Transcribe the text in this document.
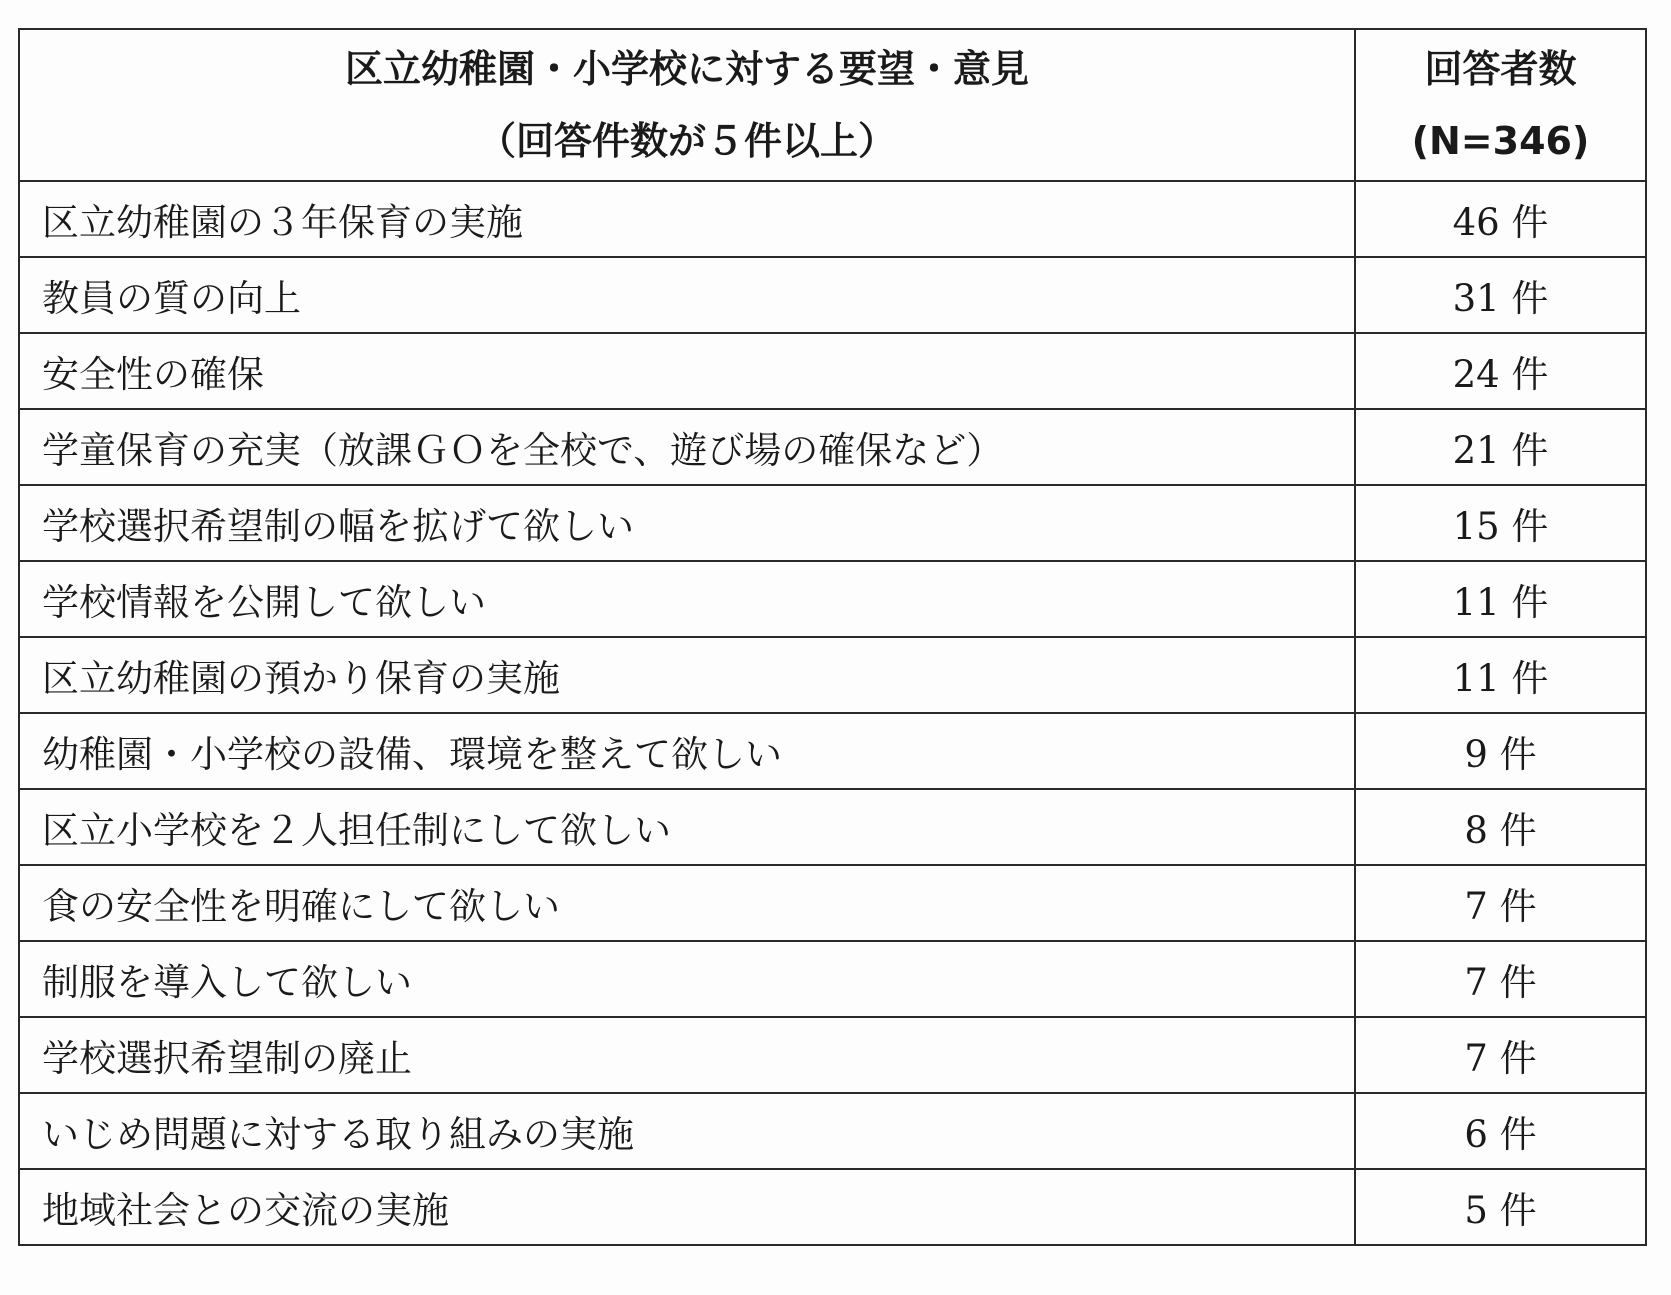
区立幼稚園・小学校に対する要望・意見
（回答件数が５件以上）	回答者数
(N=346)

区立幼稚園の３年保育の実施	46 件
教員の質の向上	31 件
安全性の確保	24 件
学童保育の充実（放課ＧＯを全校で、遊び場の確保など）	21 件
学校選択希望制の幅を拡げて欲しい	15 件
学校情報を公開して欲しい	11 件
区立幼稚園の預かり保育の実施	11 件
幼稚園・小学校の設備、環境を整えて欲しい	9 件
区立小学校を２人担任制にして欲しい	8 件
食の安全性を明確にして欲しい	7 件
制服を導入して欲しい	7 件
学校選択希望制の廃止	7 件
いじめ問題に対する取り組みの実施	6 件
地域社会との交流の実施	5 件
